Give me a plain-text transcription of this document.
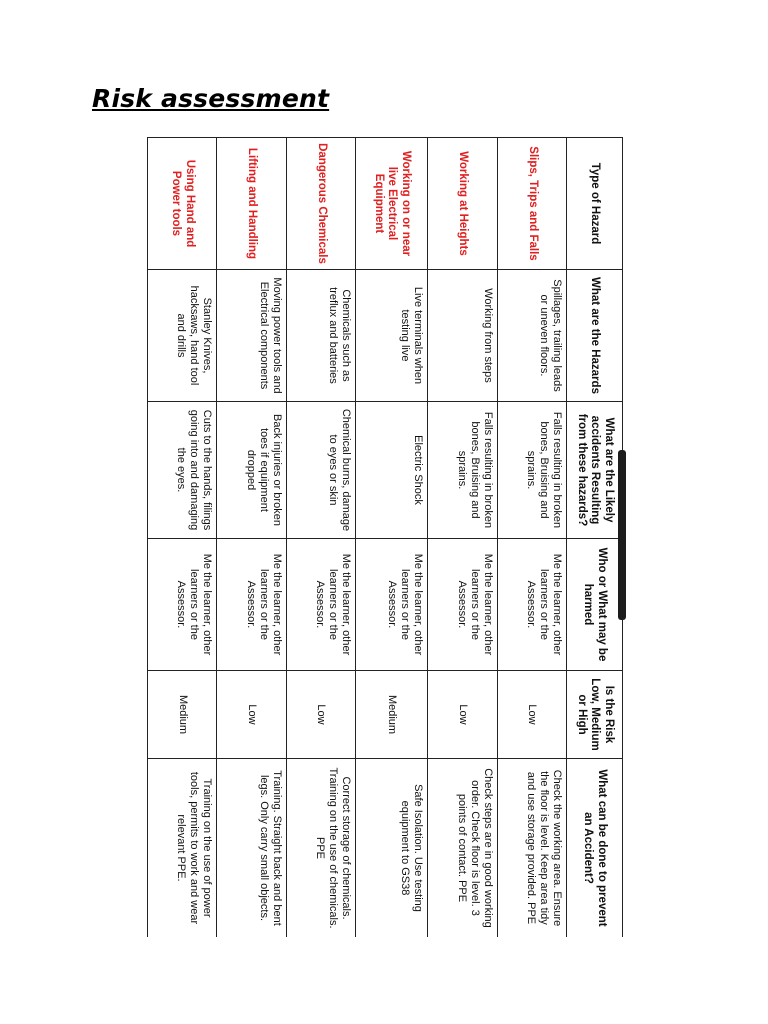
Risk assessment
Type of Hazard	What are the Hazards	What are the Likely accidents Resulting from these hazards?	Who or What may be harmed	Is the Risk Low, Medium or High	What can be done to prevent an Accident?
Slips, Trips and Falls	Spillages, trailing leads or uneven floors.	Falls resulting in broken bones, Bruising and sprains.	Me the learner, other learners or the Assessor.	Low	Check the working area. Ensure the floor is level. Keep area tidy and use storage provided. PPE
Working at Heights	Working from steps	Falls resulting in broken bones, Bruising and sprains.	Me the learner, other learners or the Assessor.	Low	Check steps are in good working order. Check floor is level. 3 points of contact. PPE
Working on or near live Electrical Equipment	Live terminals when testing live	Electric Shock	Me the learner, other learners or the Assessor.	Medium	Safe Isolation. Use testing equipment to GS38
Dangerous Chemicals	Chemicals such as treflux and batteries	Chemical burns, damage to eyes or skin	Me the learner, other learners or the Assessor.	Low	Correct storage of chemicals. Training on the use of chemicals. PPE
Lifting and Handling	Moving power tools and Electrical components	Back injuries or broken toes if equipment dropped	Me the learner, other learners or the Assessor.	Low	Training. Straight back and bent legs. Only carry small objects.
Using Hand and Power tools	Stanley Knives, hacksaws, hand tool and drills	Cuts to the hands, filings going into and damaging the eyes.	Me the learner, other learners or the Assessor.	Medium	Training on the use of power tools, permits to work and wear relevant PPE.
